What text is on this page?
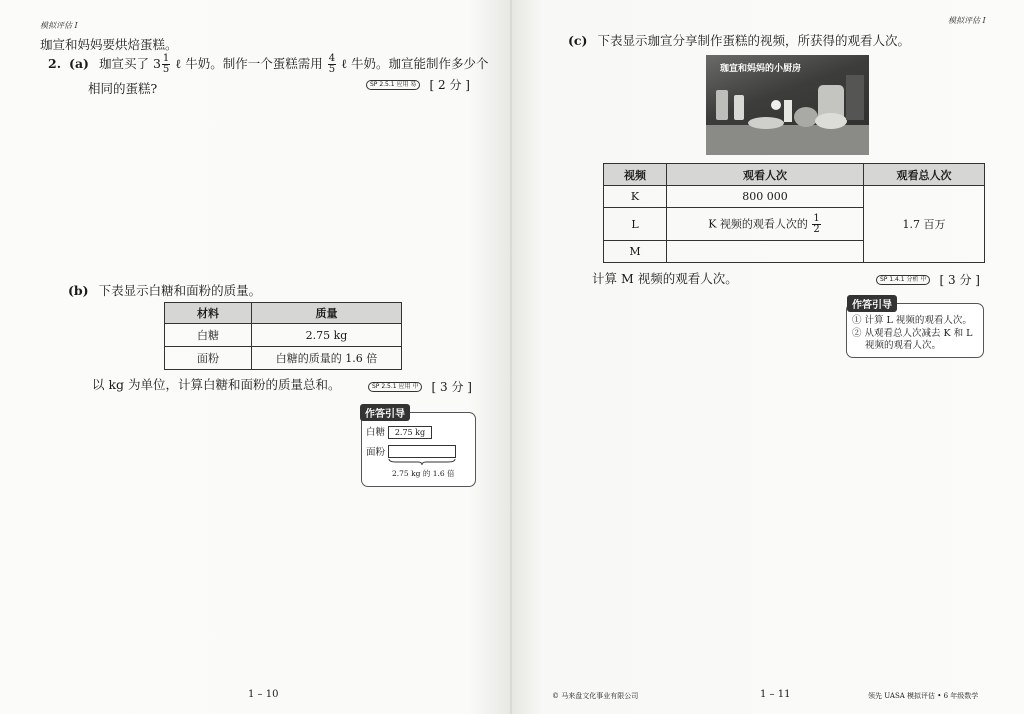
模拟评估 I
珈宣和妈妈要烘焙蛋糕。
2. (a) 珈宣买了 $3 \frac{1}{5}$ ℓ 牛奶。制作一个蛋糕需用 $\frac{4}{5}$ ℓ 牛奶。珈宣能制作多少个
SP 2.5.1 应用 易 [ 2 分 ]
相同的蛋糕?
(b) 下表显示白糖和面粉的质量。
材料	质量
白糖	2.75 kg
面粉	白糖的质量的 1.6 倍
以 kg 为单位，计算白糖和面粉的质量总和。	SP 2.5.1 应用 中 [ 3 分 ]
作答引导
白糖	2.75 kg
面粉
2.75 kg 的 1.6 倍
1 – 10
模拟评估 I
(c) 下表显示珈宣分享制作蛋糕的视频，所获得的观看人次。
珈宣和妈妈的小厨房
视频	观看人次	观看总人次
K	800 000	1.7 百万
L	K 视频的观看人次的 $\frac{1}{2}$

M		
计算 M 视频的观看人次。	SP 1.4.1 分析 中 [ 3 分 ]
作答引导
① 计算 L 视频的观看人次。
② 从观看总人次减去 K 和 L
视频的观看人次。
© 马来盘文化事业有限公司	1 – 11	领先 UASA 模拟评估 • 6 年级数学
